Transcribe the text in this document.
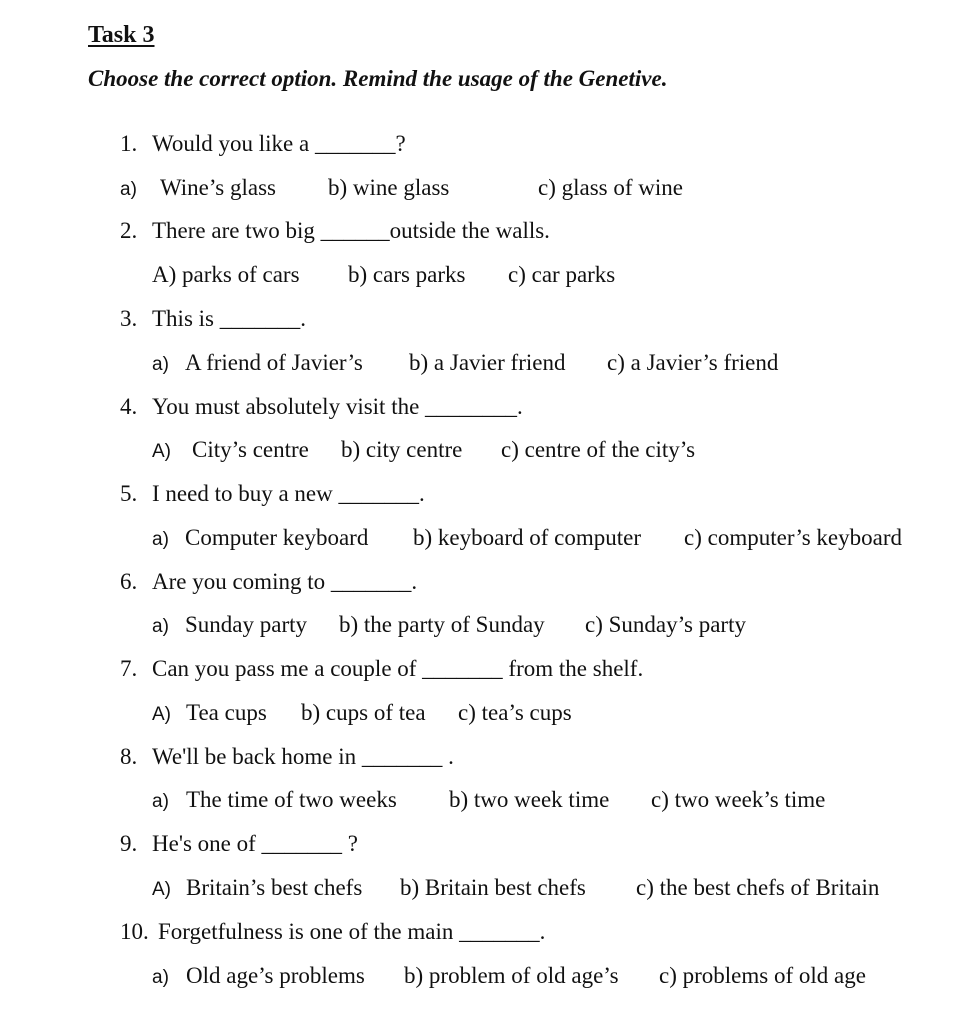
Task 3
Choose the correct option. Remind the usage of the Genetive.
1. Would you like a _______?
a) Wine’s glass b) wine glass	c) glass of wine
2. There are two big ______outside the walls.
A) parks of cars b) cars parks c) car parks
3. This is _______.
a) A friend of Javier’s b) a Javier friend c) a Javier’s friend
4. You must absolutely visit the ________.
A) City’s centre b) city centre c) centre of the city’s
5. I need to buy a new _______.
a) Computer keyboard b) keyboard of computer c) computer’s keyboard
6. Are you coming to _______.
a) Sunday party b) the party of Sunday c) Sunday’s party
7. Can you pass me a couple of _______ from the shelf.
A) Tea cups b) cups of tea c) tea’s cups
8. We'll be back home in _______ .
a) The time of two weeks b) two week time c) two week’s time
9. He's one of _______ ?
A) Britain’s best chefs b) Britain best chefs c) the best chefs of Britain
10. Forgetfulness is one of the main _______.
a) Old age’s problems b) problem of old age’s c) problems of old age
